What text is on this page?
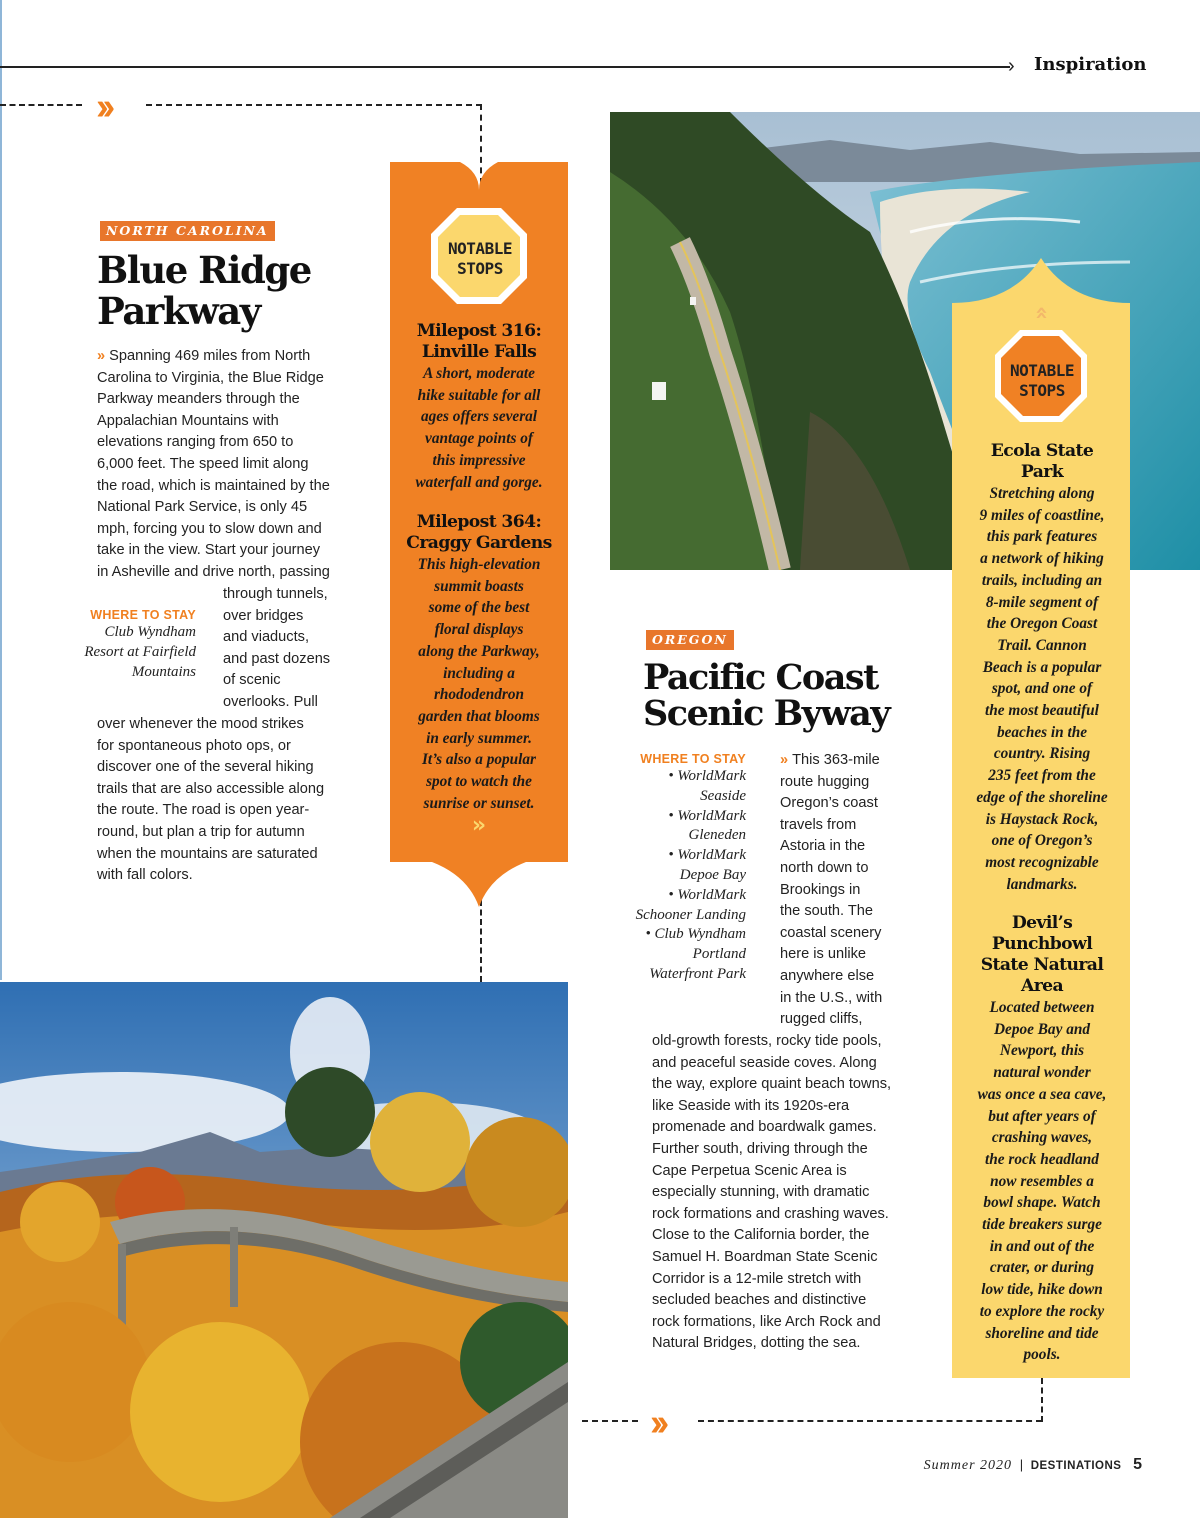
› Inspiration
››
NORTH CAROLINA
Blue Ridge
Parkway
» Spanning 469 miles from North
Carolina to Virginia, the Blue Ridge
Parkway meanders through the
Appalachian Mountains with
elevations ranging from 650 to
6,000 feet. The speed limit along
the road, which is maintained by the
National Park Service, is only 45
mph, forcing you to slow down and
take in the view. Start your journey
in Asheville and drive north, passing
through tunnels,
over bridges
and viaducts,
and past dozens
of scenic
overlooks. Pull
over whenever the mood strikes
for spontaneous photo ops, or
discover one of the several hiking
trails that are also accessible along
the route. The road is open year-
round, but plan a trip for autumn
when the mountains are saturated
with fall colors.
WHERE TO STAY
Club Wyndham
Resort at Fairfield
Mountains
»
NOTABLE
STOPS
Milepost 316:
Linville Falls
A short, moderate
hike suitable for all
ages offers several
vantage points of
this impressive
waterfall and gorge.
Milepost 364:
Craggy Gardens
This high-elevation
summit boasts
some of the best
floral displays
along the Parkway,
including a
rhododendron
garden that blooms
in early summer.
It’s also a popular
spot to watch the
sunrise or sunset.
OREGON
Pacific Coast
Scenic Byway
WHERE TO STAY
• WorldMark
Seaside
• WorldMark
Gleneden
• WorldMark
Depoe Bay
• WorldMark
Schooner Landing
• Club Wyndham
Portland
Waterfront Park
» This 363-mile
route hugging
Oregon’s coast
travels from
Astoria in the
north down to
Brookings in
the south. The
coastal scenery
here is unlike
anywhere else
in the U.S., with
rugged cliffs,
old-growth forests, rocky tide pools,
and peaceful seaside coves. Along
the way, explore quaint beach towns,
like Seaside with its 1920s-era
promenade and boardwalk games.
Further south, driving through the
Cape Perpetua Scenic Area is
especially stunning, with dramatic
rock formations and crashing waves.
Close to the California border, the
Samuel H. Boardman State Scenic
Corridor is a 12-mile stretch with
secluded beaches and distinctive
rock formations, like Arch Rock and
Natural Bridges, dotting the sea.
»
NOTABLE
STOPS
Ecola State
Park
Stretching along
9 miles of coastline,
this park features
a network of hiking
trails, including an
8-mile segment of
the Oregon Coast
Trail. Cannon
Beach is a popular
spot, and one of
the most beautiful
beaches in the
country. Rising
235 feet from the
edge of the shoreline
is Haystack Rock,
one of Oregon’s
most recognizable
landmarks.
Devil’s
Punchbowl
State Natural
Area
Located between
Depoe Bay and
Newport, this
natural wonder
was once a sea cave,
but after years of
crashing waves,
the rock headland
now resembles a
bowl shape. Watch
tide breakers surge
in and out of the
crater, or during
low tide, hike down
to explore the rocky
shoreline and tide
pools.
››
Summer 2020 | DESTINATIONS 5
